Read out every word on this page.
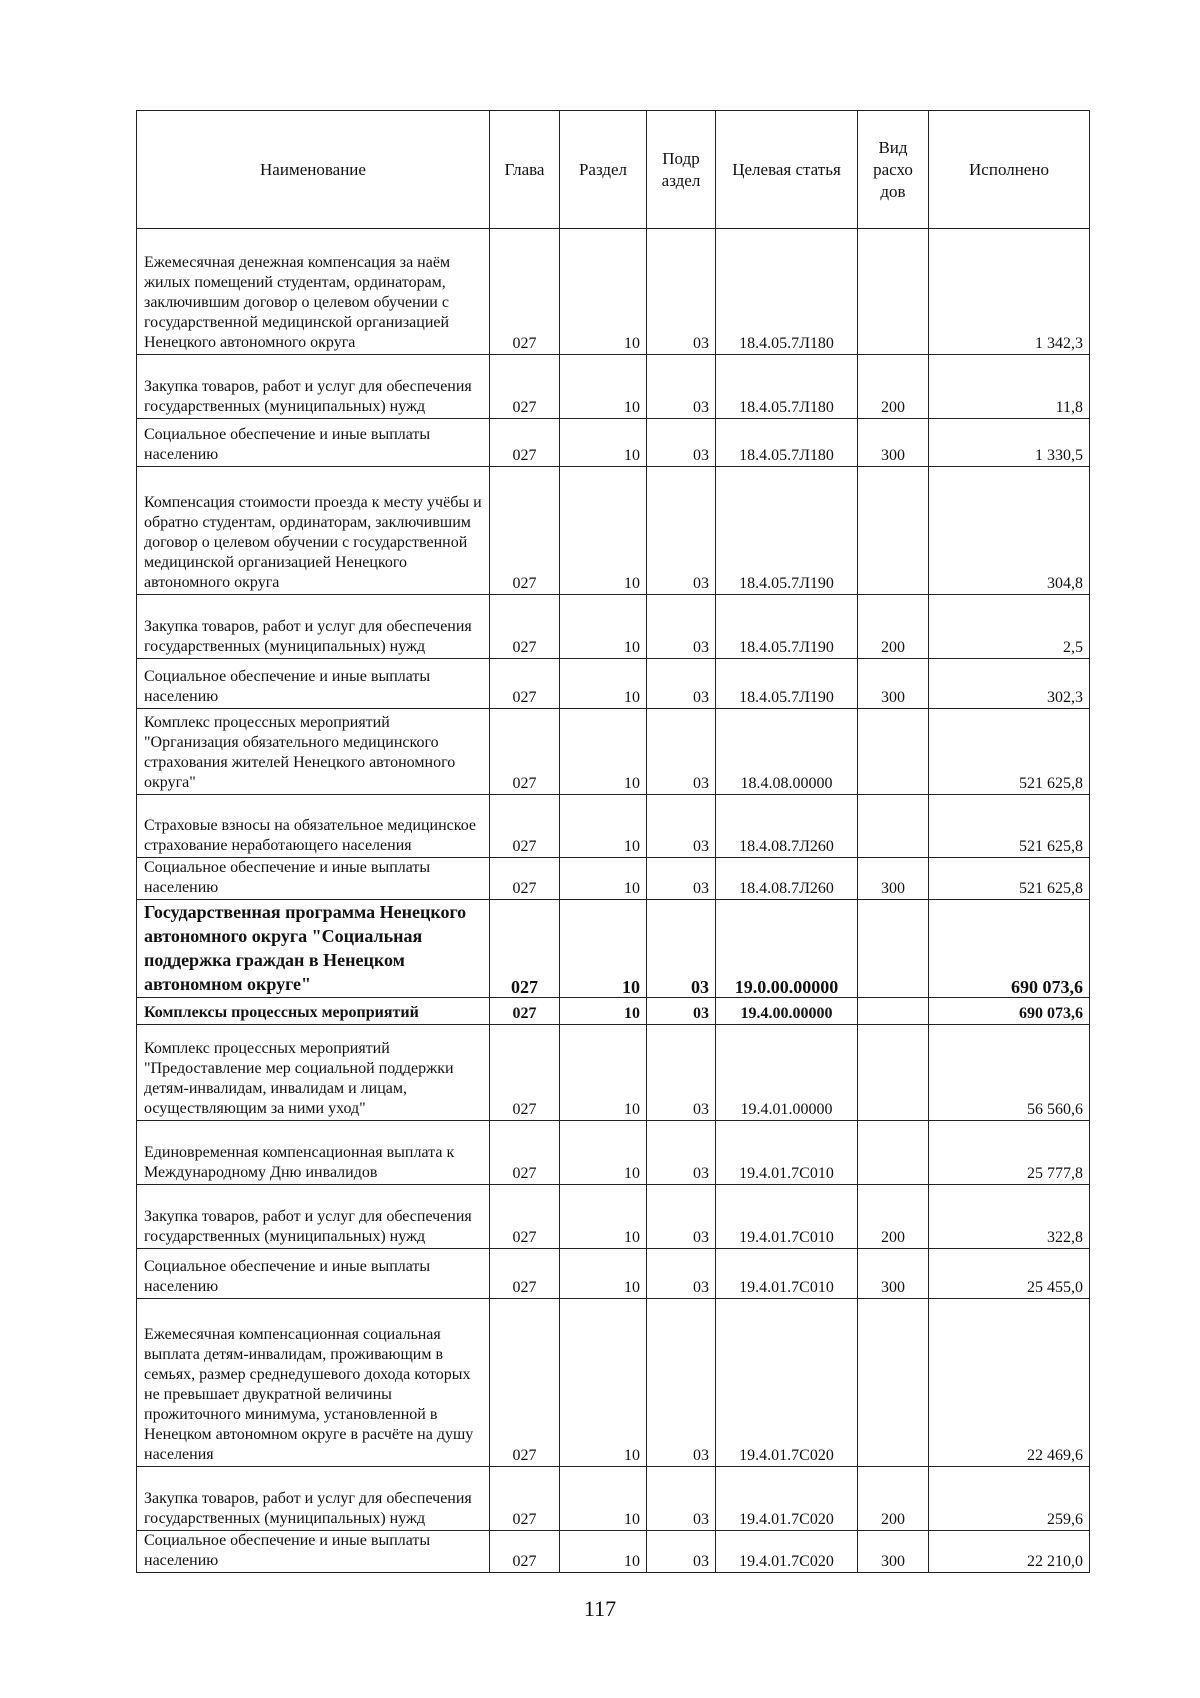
Наименование	Глава	Раздел	Подр аздел	Целевая статья	Вид расхо дов	Исполнено
Ежемесячная денежная компенсация за наём жилых помещений студентам, ординаторам, заключившим договор о целевом обучении с государственной медицинской организацией Ненецкого автономного округа	027	10	03	18.4.05.7Л180		1 342,3
Закупка товаров, работ и услуг для обеспечения государственных (муниципальных) нужд	027	10	03	18.4.05.7Л180	200	11,8
Социальное обеспечение и иные выплаты населению	027	10	03	18.4.05.7Л180	300	1 330,5
Компенсация стоимости проезда к месту учёбы и обратно студентам, ординаторам, заключившим договор о целевом обучении с государственной медицинской организацией Ненецкого автономного округа	027	10	03	18.4.05.7Л190		304,8
Закупка товаров, работ и услуг для обеспечения государственных (муниципальных) нужд	027	10	03	18.4.05.7Л190	200	2,5
Социальное обеспечение и иные выплаты населению	027	10	03	18.4.05.7Л190	300	302,3
Комплекс процессных мероприятий "Организация обязательного медицинского страхования жителей Ненецкого автономного округа"	027	10	03	18.4.08.00000		521 625,8
Страховые взносы на обязательное медицинское страхование неработающего населения	027	10	03	18.4.08.7Л260		521 625,8
Социальное обеспечение и иные выплаты населению	027	10	03	18.4.08.7Л260	300	521 625,8
Государственная программа Ненецкого автономного округа "Социальная поддержка граждан в Ненецком автономном округе"	027	10	03	19.0.00.00000		690 073,6
Комплексы процессных мероприятий	027	10	03	19.4.00.00000		690 073,6
Комплекс процессных мероприятий "Предоставление мер социальной поддержки детям-инвалидам, инвалидам и лицам, осуществляющим за ними уход"	027	10	03	19.4.01.00000		56 560,6
Единовременная компенсационная выплата к Международному Дню инвалидов	027	10	03	19.4.01.7С010		25 777,8
Закупка товаров, работ и услуг для обеспечения государственных (муниципальных) нужд	027	10	03	19.4.01.7С010	200	322,8
Социальное обеспечение и иные выплаты населению	027	10	03	19.4.01.7С010	300	25 455,0
Ежемесячная компенсационная социальная выплата детям-инвалидам, проживающим в семьях, размер среднедушевого дохода которых не превышает двукратной величины прожиточного минимума, установленной в Ненецком автономном округе в расчёте на душу населения	027	10	03	19.4.01.7С020		22 469,6
Закупка товаров, работ и услуг для обеспечения государственных (муниципальных) нужд	027	10	03	19.4.01.7С020	200	259,6
Социальное обеспечение и иные выплаты населению	027	10	03	19.4.01.7С020	300	22 210,0
117
